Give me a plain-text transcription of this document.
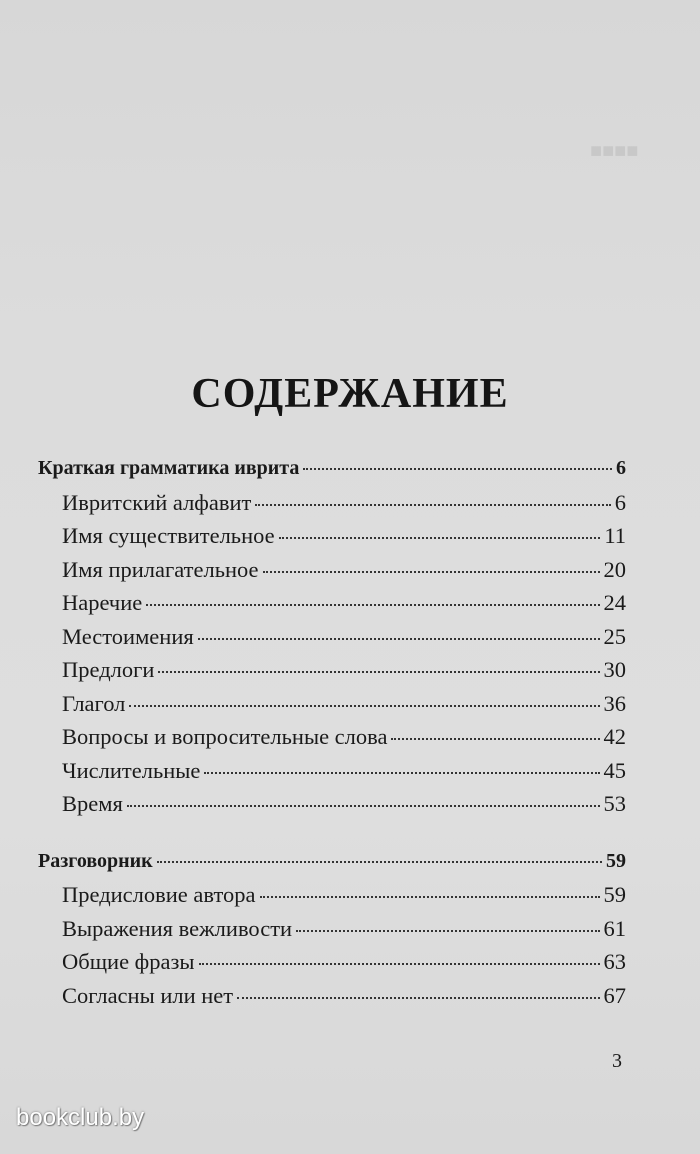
■■■■
СОДЕРЖАНИЕ
Краткая грамматика иврита	6
Ивритский алфавит	6
Имя существительное	11
Имя прилагательное	20
Наречие	24
Местоимения	25
Предлоги	30
Глагол	36
Вопросы и вопросительные слова	42
Числительные	45
Время	53
Разговорник	59
Предисловие автора	59
Выражения вежливости	61
Общие фразы	63
Согласны или нет	67
3
bookclub.by
